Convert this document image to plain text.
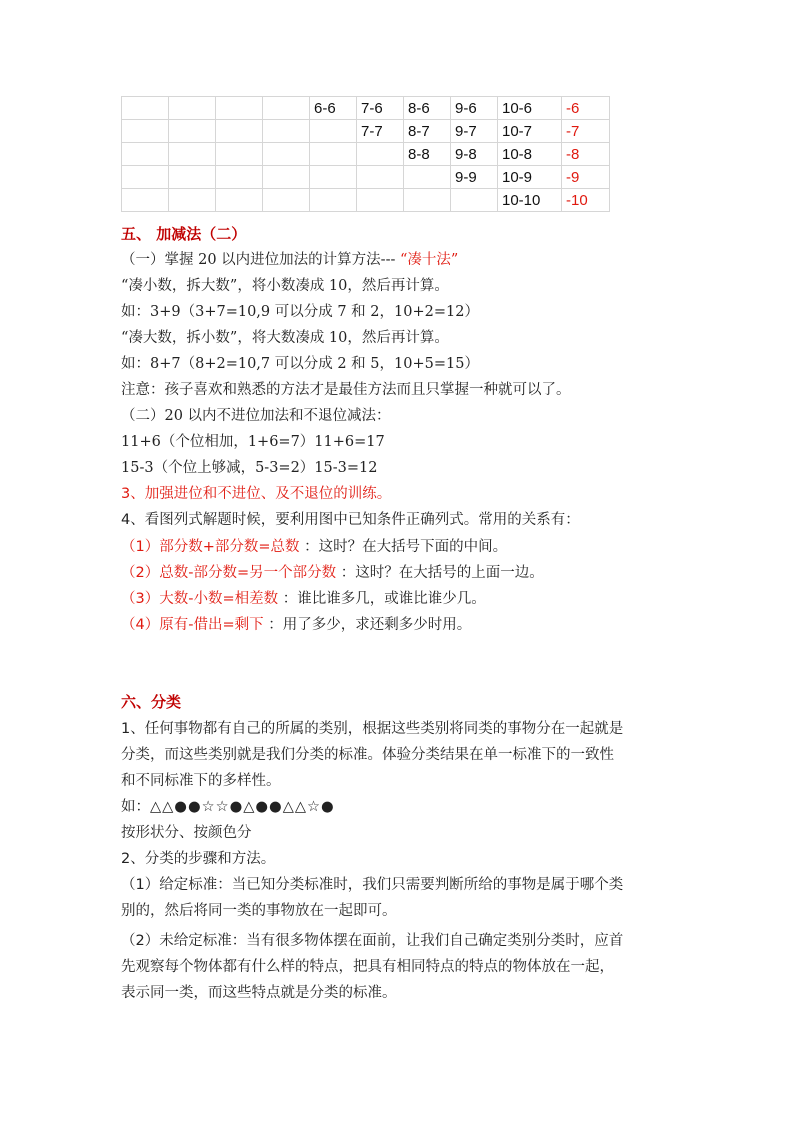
				6-6	7-6	8-6	9-6	10-6	-6
					7-7	8-7	9-7	10-7	-7
						8-8	9-8	10-8	-8
							9-9	10-9	-9
								10-10	-10
五、 加减法（二）
（一）掌握 20 以内进位加法的计算方法--- “凑十法”
“凑小数，拆大数”，将小数凑成 10，然后再计算。
如：3+9（3+7=10,9 可以分成 7 和 2，10+2=12）
“凑大数，拆小数”，将大数凑成 10，然后再计算。
如：8+7（8+2=10,7 可以分成 2 和 5，10+5=15）
注意：孩子喜欢和熟悉的方法才是最佳方法而且只掌握一种就可以了。
（二）20 以内不进位加法和不退位减法：
11+6（个位相加，1+6=7）11+6=17
15-3（个位上够减，5-3=2）15-3=12
3、加强进位和不进位、及不退位的训练。
4、看图列式解题时候，要利用图中已知条件正确列式。常用的关系有：
（1）部分数+部分数=总数 ：这时？在大括号下面的中间。
（2）总数-部分数=另一个部分数 ：这时？在大括号的上面一边。
（3）大数-小数=相差数 ：谁比谁多几，或谁比谁少几。
（4）原有-借出=剩下 ：用了多少，求还剩多少时用。
六、分类
1、任何事物都有自己的所属的类别，根据这些类别将同类的事物分在一起就是
分类，而这些类别就是我们分类的标准。体验分类结果在单一标准下的一致性
和不同标准下的多样性。
如：△△●●☆☆●△●●△△☆●
按形状分、按颜色分
2、分类的步骤和方法。
（1）给定标准：当已知分类标准时，我们只需要判断所给的事物是属于哪个类
别的，然后将同一类的事物放在一起即可。
（2）未给定标准：当有很多物体摆在面前，让我们自己确定类别分类时，应首
先观察每个物体都有什么样的特点，把具有相同特点的特点的物体放在一起，
表示同一类，而这些特点就是分类的标准。
